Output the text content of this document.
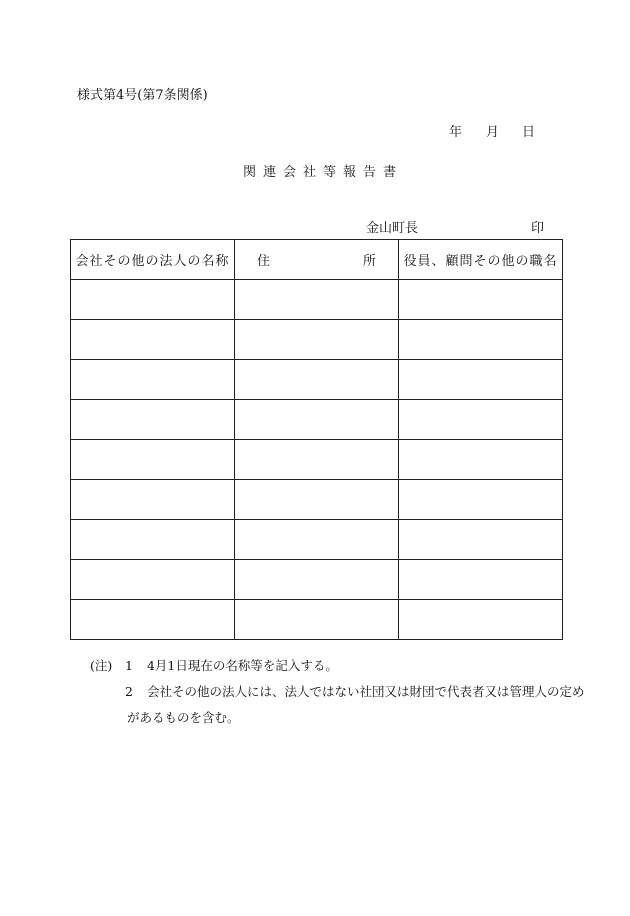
様式第4号(第7条関係)
年 月 日
関連会社等報告書
金山町長	印
会社その他の法人の名称	住 所	役員、顧問その他の職名

(注) 1 4月1日現在の名称等を記入する。
2 会社その他の法人には、法人ではない社団又は財団で代表者又は管理人の定め
があるものを含む。
